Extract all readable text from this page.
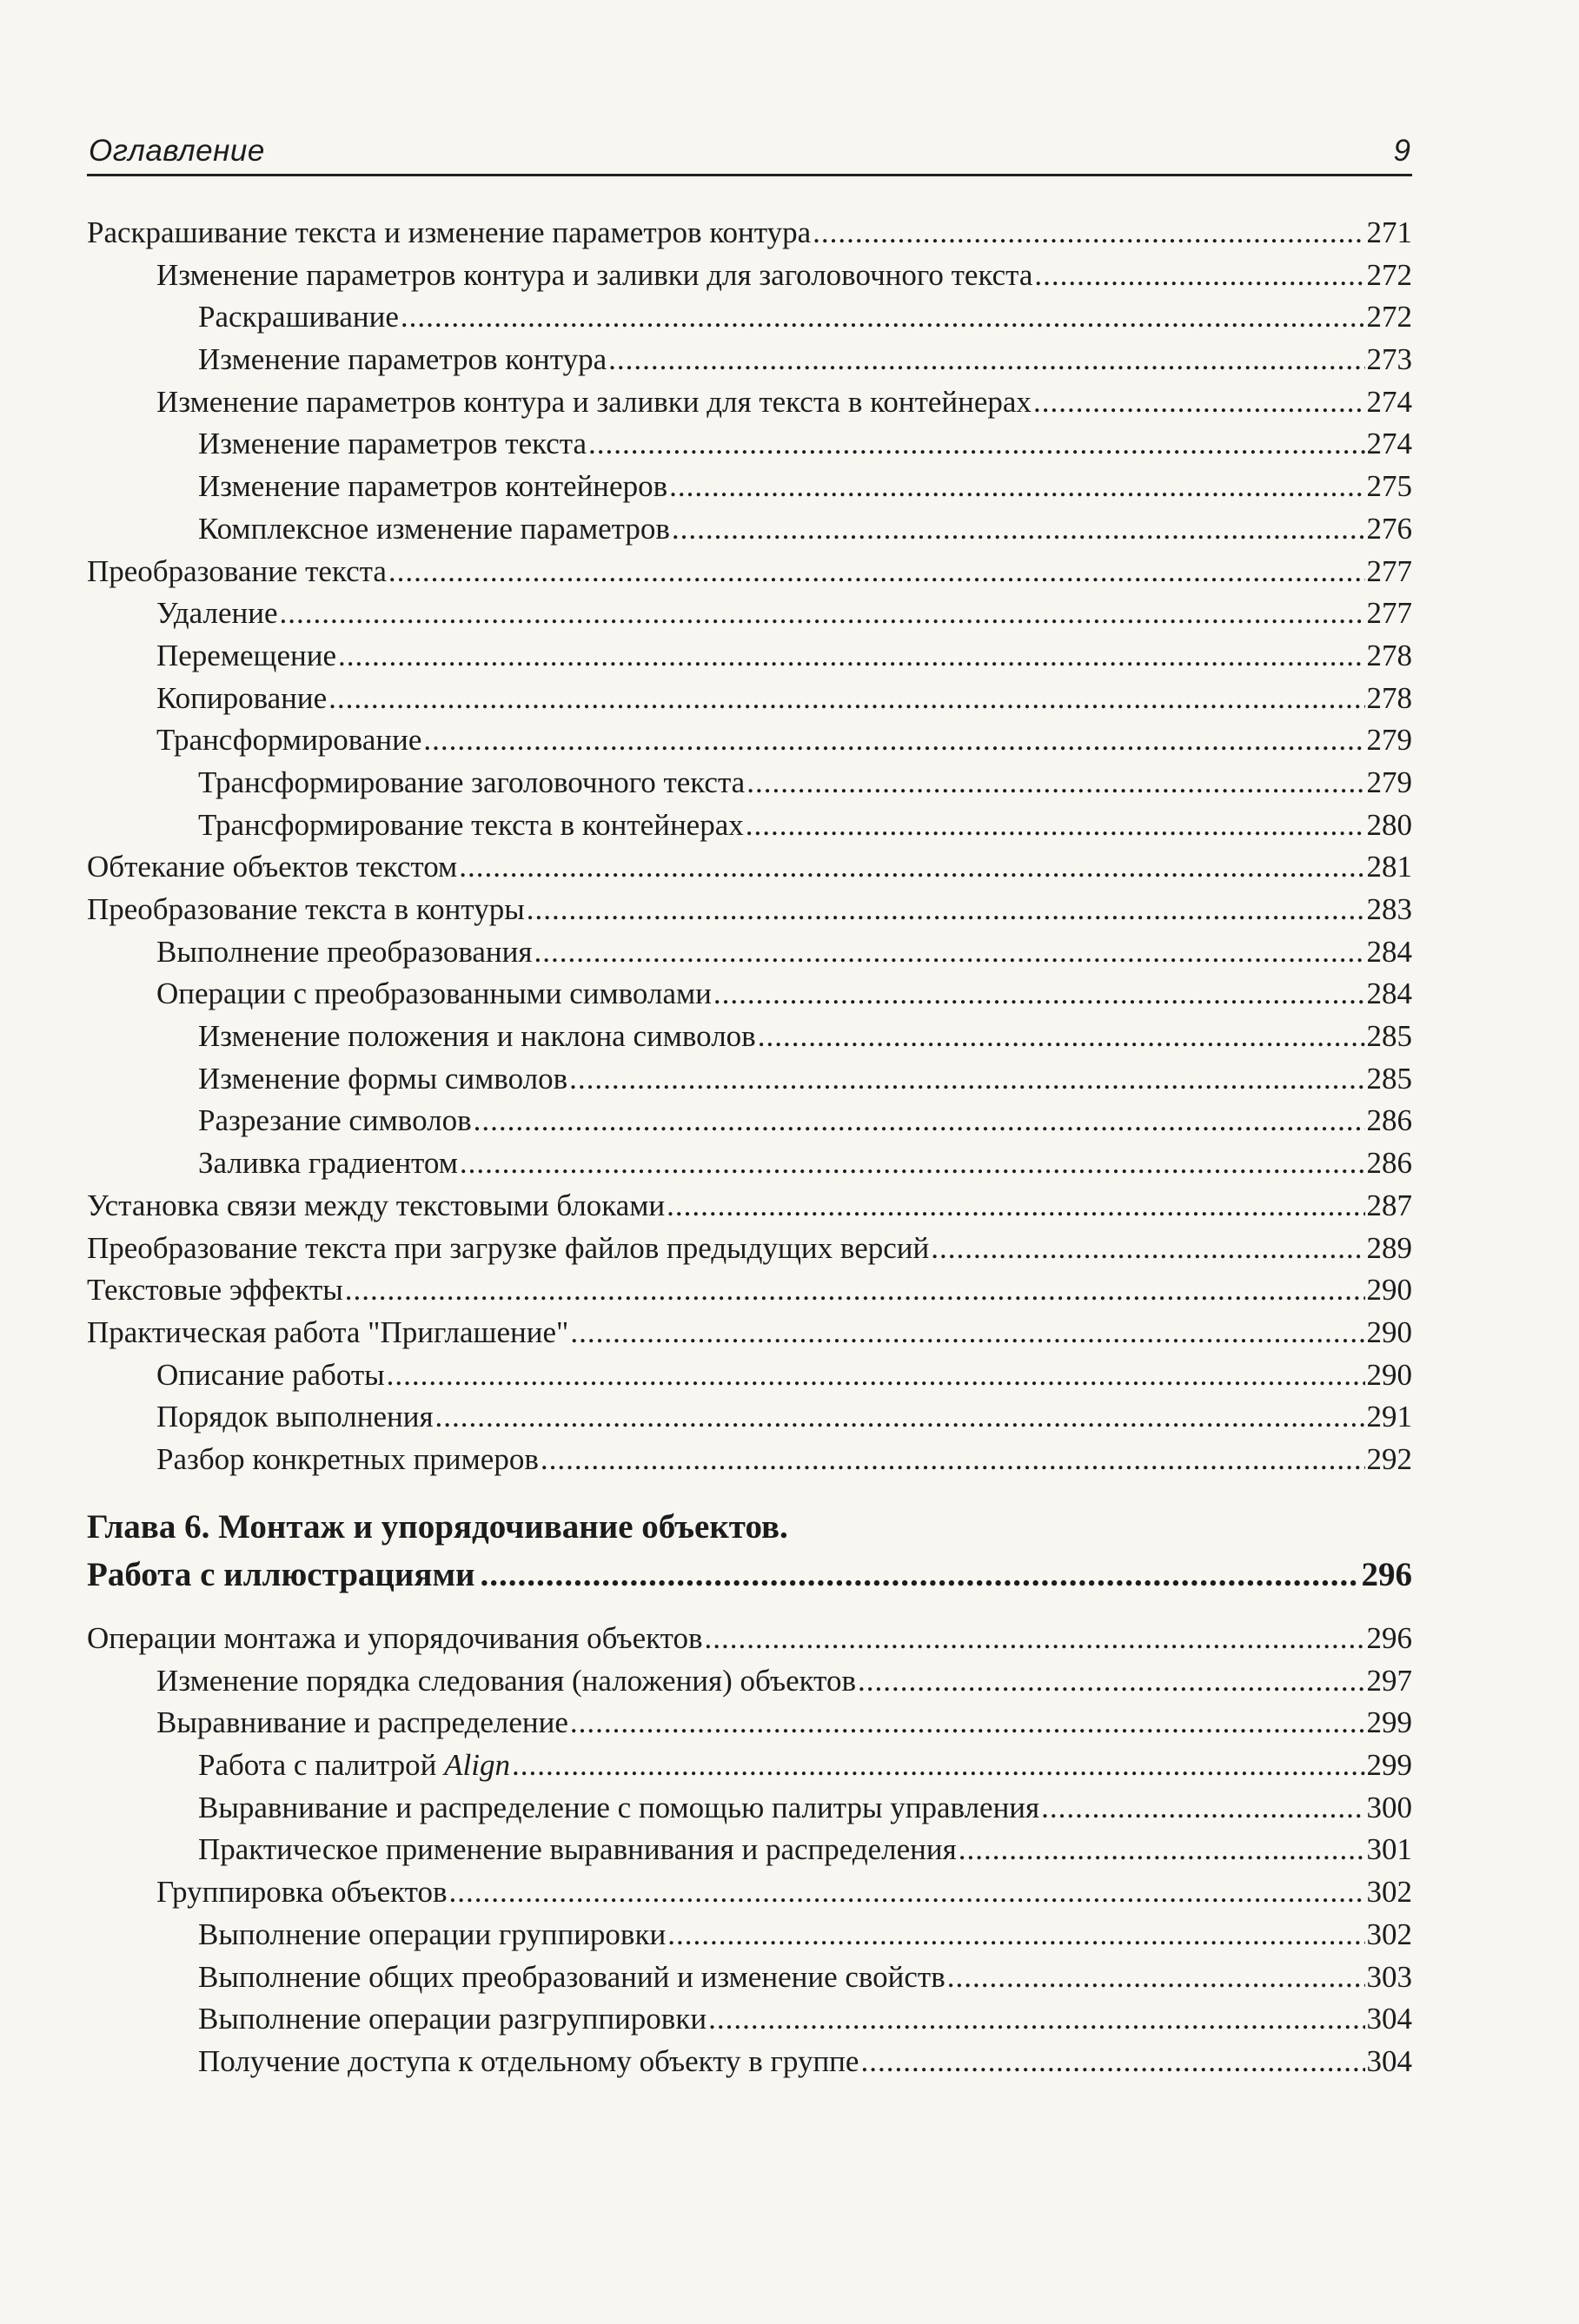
Оглавление	9
Раскрашивание текста и изменение параметров контура .....	271
Изменение параметров контура и заливки для заголовочного текста .....	272
Раскрашивание .....	272
Изменение параметров контура .....	273
Изменение параметров контура и заливки для текста в контейнерах .....	274
Изменение параметров текста .....	274
Изменение параметров контейнеров .....	275
Комплексное изменение параметров .....	276
Преобразование текста .....	277
Удаление .....	277
Перемещение .....	278
Копирование .....	278
Трансформирование .....	279
Трансформирование заголовочного текста .....	279
Трансформирование текста в контейнерах .....	280
Обтекание объектов текстом .....	281
Преобразование текста в контуры .....	283
Выполнение преобразования .....	284
Операции с преобразованными символами .....	284
Изменение положения и наклона символов .....	285
Изменение формы символов .....	285
Разрезание символов .....	286
Заливка градиентом .....	286
Установка связи между текстовыми блоками .....	287
Преобразование текста при загрузке файлов предыдущих версий .....	289
Текстовые эффекты .....	290
Практическая работа "Приглашение" .....	290
Описание работы .....	290
Порядок выполнения .....	291
Разбор конкретных примеров .....	292
Глава 6. Монтаж и упорядочивание объектов.
Работа с иллюстрациями .....	296
Операции монтажа и упорядочивания объектов .....	296
Изменение порядка следования (наложения) объектов .....	297
Выравнивание и распределение .....	299
Работа с палитрой Align .....	299
Выравнивание и распределение с помощью палитры управления .....	300
Практическое применение выравнивания и распределения .....	301
Группировка объектов .....	302
Выполнение операции группировки .....	302
Выполнение общих преобразований и изменение свойств .....	303
Выполнение операции разгруппировки .....	304
Получение доступа к отдельному объекту в группе .....	304
